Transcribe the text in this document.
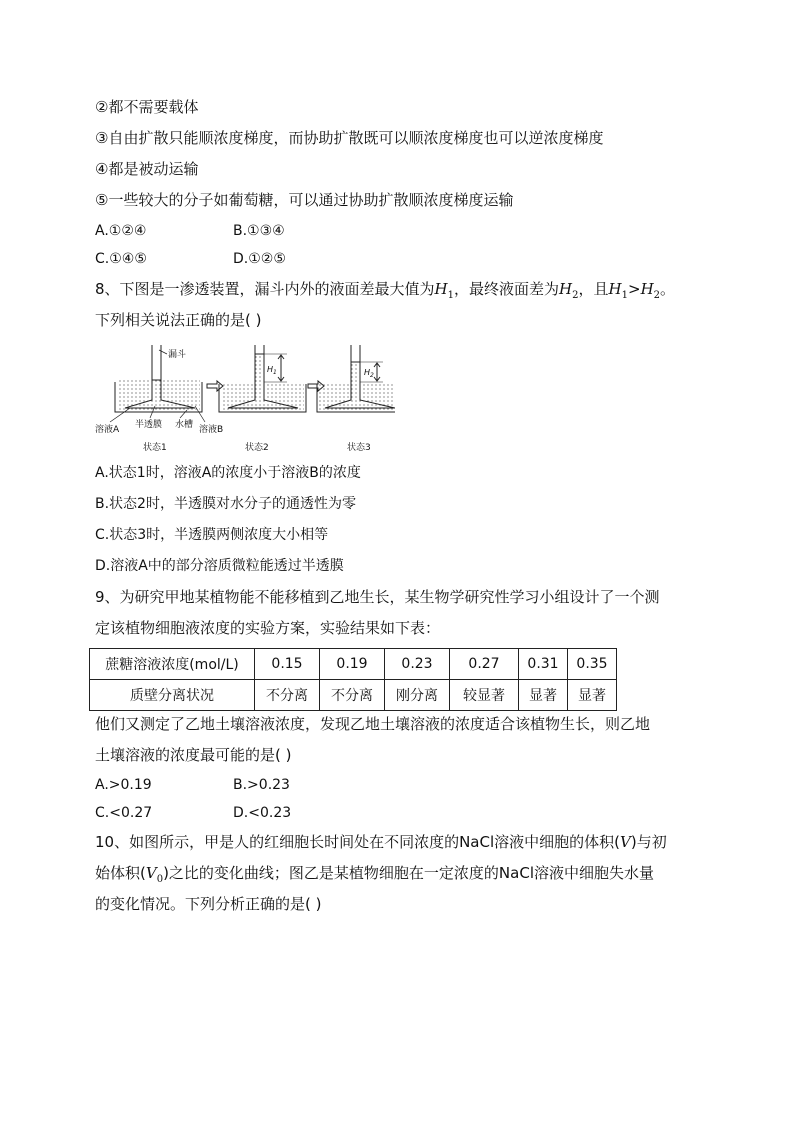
②都不需要载体
③自由扩散只能顺浓度梯度，而协助扩散既可以顺浓度梯度也可以逆浓度梯度
④都是被动运输
⑤一些较大的分子如葡萄糖，可以通过协助扩散顺浓度梯度运输
A.①②④	B.①③④
C.①④⑤	D.①②⑤
8、下图是一渗透装置，漏斗内外的液面差最大值为$H_1$，最终液面差为$H_2$，且$H_1>H_2$。
下列相关说法正确的是( )
漏斗
溶液A 半透膜 水槽 溶液B
状态1	状态2	状态3
$H_1$	$H_2$
A.状态1时，溶液A的浓度小于溶液B的浓度
B.状态2时，半透膜对水分子的通透性为零
C.状态3时，半透膜两侧浓度大小相等
D.溶液A中的部分溶质微粒能透过半透膜
9、为研究甲地某植物能不能移植到乙地生长，某生物学研究性学习小组设计了一个测
定该植物细胞液浓度的实验方案，实验结果如下表：
蔗糖溶液浓度(mol/L)	0.15	0.19	0.23	0.27	0.31	0.35
质壁分离状况	不分离	不分离	刚分离	较显著	显著	显著
他们又测定了乙地土壤溶液浓度，发现乙地土壤溶液的浓度适合该植物生长，则乙地
土壤溶液的浓度最可能的是( )
A.>0.19	B.>0.23
C.<0.27	D.<0.23
10、如图所示，甲是人的红细胞长时间处在不同浓度的NaCl溶液中细胞的体积(V)与初
始体积$(V_0)$之比的变化曲线；图乙是某植物细胞在一定浓度的NaCl溶液中细胞失水量
的变化情况。下列分析正确的是( )
